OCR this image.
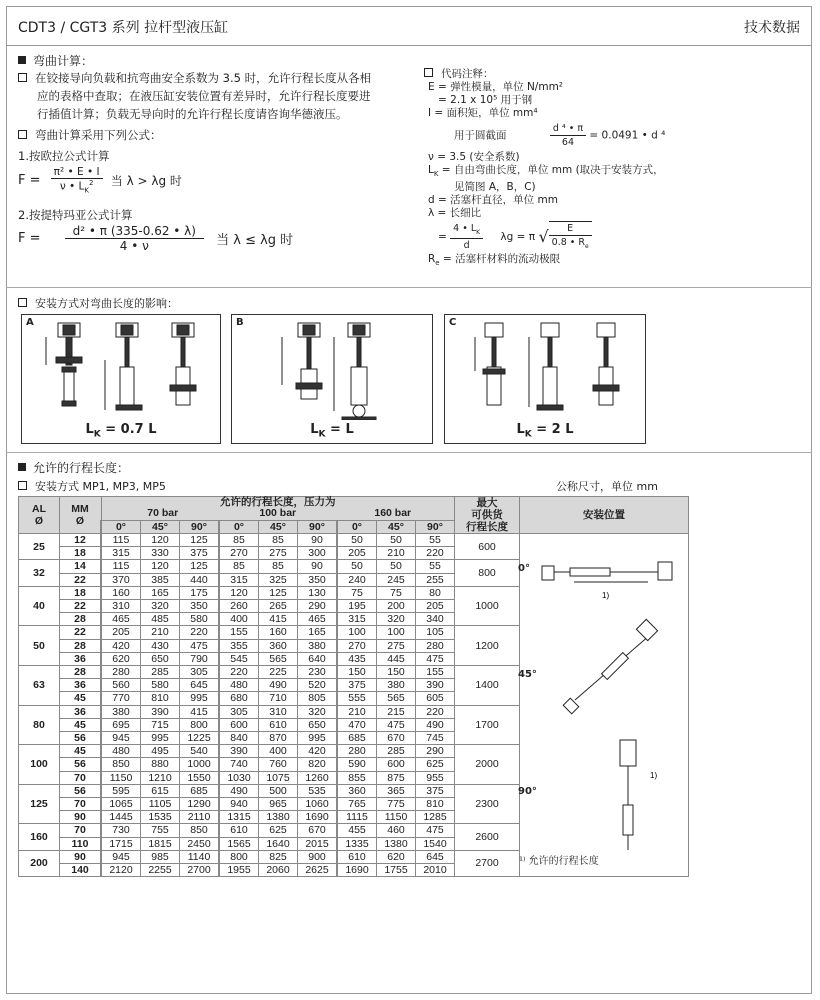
CDT3 / CGT3 系列 拉杆型液压缸	技术数据
弯曲计算：
在铰接导向负载和抗弯曲安全系数为 3.5 时，允许行程长度从各相
应的表格中查取；在液压缸安装位置有差异时，允许行程长度要进
行插值计算；负载无导向时的允许行程长度请咨询华德液压。
弯曲计算采用下列公式：
1.按欧拉公式计算
$F = \frac{\text{π² • E • I}}{\nu • L_K^2}$ 当 λ > λg 时
2.按提特玛亚公式计算
$F = \frac{\text{d² • π (335-0.62 • λ)}}{4 • \nu}$ 当 λ ≤ λg 时
代码注释：
E = 弹性模量，单位 N/mm²
= 2.1 x 10⁵ 用于钢
I = 面积矩，单位 mm⁴
用于圆截面	$\frac{\text{d ⁴ • π}}{64} = 0.0491$ • d ⁴
ν = 3.5 (安全系数)
$L_K$ = 自由弯曲长度，单位 mm (取决于安装方式，
见简图 A，B，C)
d = 活塞杆直径，单位 mm
λ = 长细比
= $\frac{4 • L_K}{d}$ λg = π √ $\frac{E}{0.8 • R_e}$
$R_e$ = 活塞杆材料的流动极限
安装方式对弯曲长度的影响：
A
$L_K = 0.7$ L
B
$L_K = L$
C
$L_K = 2$ L
允许的行程长度：
安装方式 MP1, MP3, MP5	公称尺寸，单位 mm
AL
Ø	MM
Ø	允许的行程长度，压力为
70 bar 100 bar 160 bar									最大
可供货
行程长度	安装位置
		0°	45°	90°	0°	45°	90°	0°	45°	90°		
25	12	115	120	125	85	85	90	50	50	55	600	
	18	315	330	375	270	275	300	205	210	220		
32	14	115	120	125	85	85	90	50	50	55	800	
	22	370	385	440	315	325	350	240	245	255		
40	18	160	165	175	120	125	130	75	75	80	1000	
	22	310	320	350	260	265	290	195	200	205		
	28	465	485	580	400	415	465	315	320	340		
50	22	205	210	220	155	160	165	100	100	105	1200	
	28	420	430	475	355	360	380	270	275	280		
	36	620	650	790	545	565	640	435	445	475		
63	28	280	285	305	220	225	230	150	150	155	1400	
	36	560	580	645	480	490	520	375	380	390		
	45	770	810	995	680	710	805	555	565	605		
80	36	380	390	415	305	310	320	210	215	220	1700	
	45	695	715	800	600	610	650	470	475	490		
	56	945	995	1225	840	870	995	685	670	745		
100	45	480	495	540	390	400	420	280	285	290	2000	
	56	850	880	1000	740	760	820	590	600	625		
	70	1150	1210	1550	1030	1075	1260	855	875	955		
125	56	595	615	685	490	500	535	360	365	375	2300	
	70	1065	1105	1290	940	965	1060	765	775	810		
	90	1445	1535	2110	1315	1380	1690	1115	1150	1285		
160	70	730	755	850	610	625	670	455	460	475	2600	
	110	1715	1815	2450	1565	1640	2015	1335	1380	1540		
200	90	945	985	1140	800	825	900	610	620	645	2700	
	140	2120	2255	2700	1955	2060	2625	1690	1755	2010		
0°
45°
90°
1)
1)
¹⁾ 允许的行程长度
